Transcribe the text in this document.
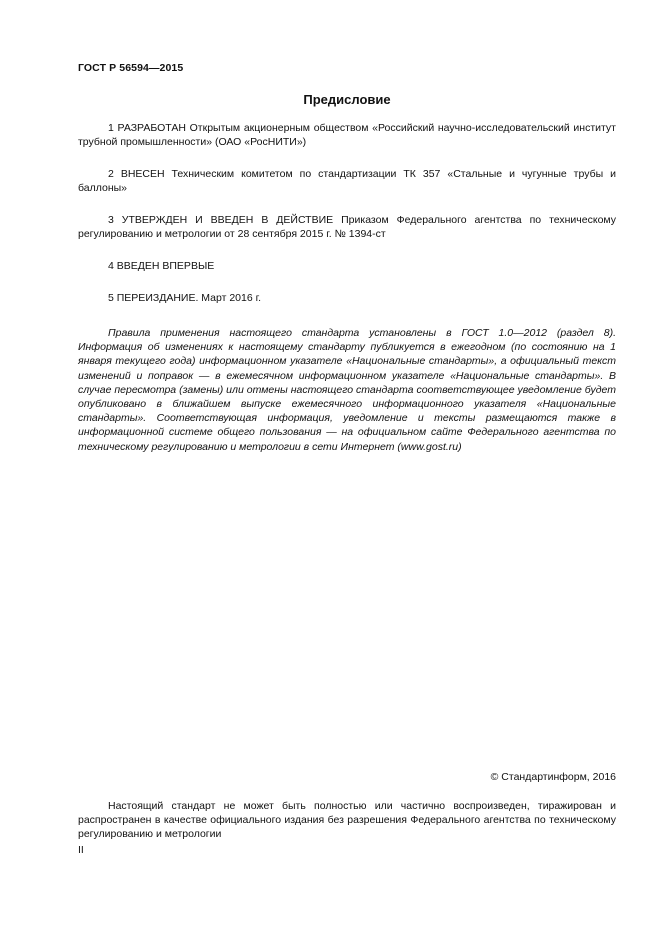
ГОСТ Р 56594—2015
Предисловие

1 РАЗРАБОТАН Открытым акционерным обществом «Российский научно-исследовательский институт трубной промышленности» (ОАО «РосНИТИ»)

2 ВНЕСЕН Техническим комитетом по стандартизации ТК 357 «Стальные и чугунные трубы и баллоны»

3 УТВЕРЖДЕН И ВВЕДЕН В ДЕЙСТВИЕ Приказом Федерального агентства по техническому регулированию и метрологии от 28 сентября 2015 г. № 1394-ст

4 ВВЕДЕН ВПЕРВЫЕ

5 ПЕРЕИЗДАНИЕ. Март 2016 г.

Правила применения настоящего стандарта установлены в ГОСТ 1.0—2012 (раздел 8). Информация об изменениях к настоящему стандарту публикуется в ежегодном (по состоянию на 1 января текущего года) информационном указателе «Национальные стандарты», а официальный текст изменений и поправок — в ежемесячном информационном указателе «Национальные стандарты». В случае пересмотра (замены) или отмены настоящего стандарта соответствующее уведомление будет опубликовано в ближайшем выпуске ежемесячного информационного указателя «Национальные стандарты». Соответствующая информация, уведомление и тексты размещаются также в информационной системе общего пользования — на официальном сайте Федерального агентства по техническому регулированию и метрологии в сети Интернет (www.gost.ru)

© Стандартинформ, 2016

Настоящий стандарт не может быть полностью или частично воспроизведен, тиражирован и распространен в качестве официального издания без разрешения Федерального агентства по техническому регулированию и метрологии

II
